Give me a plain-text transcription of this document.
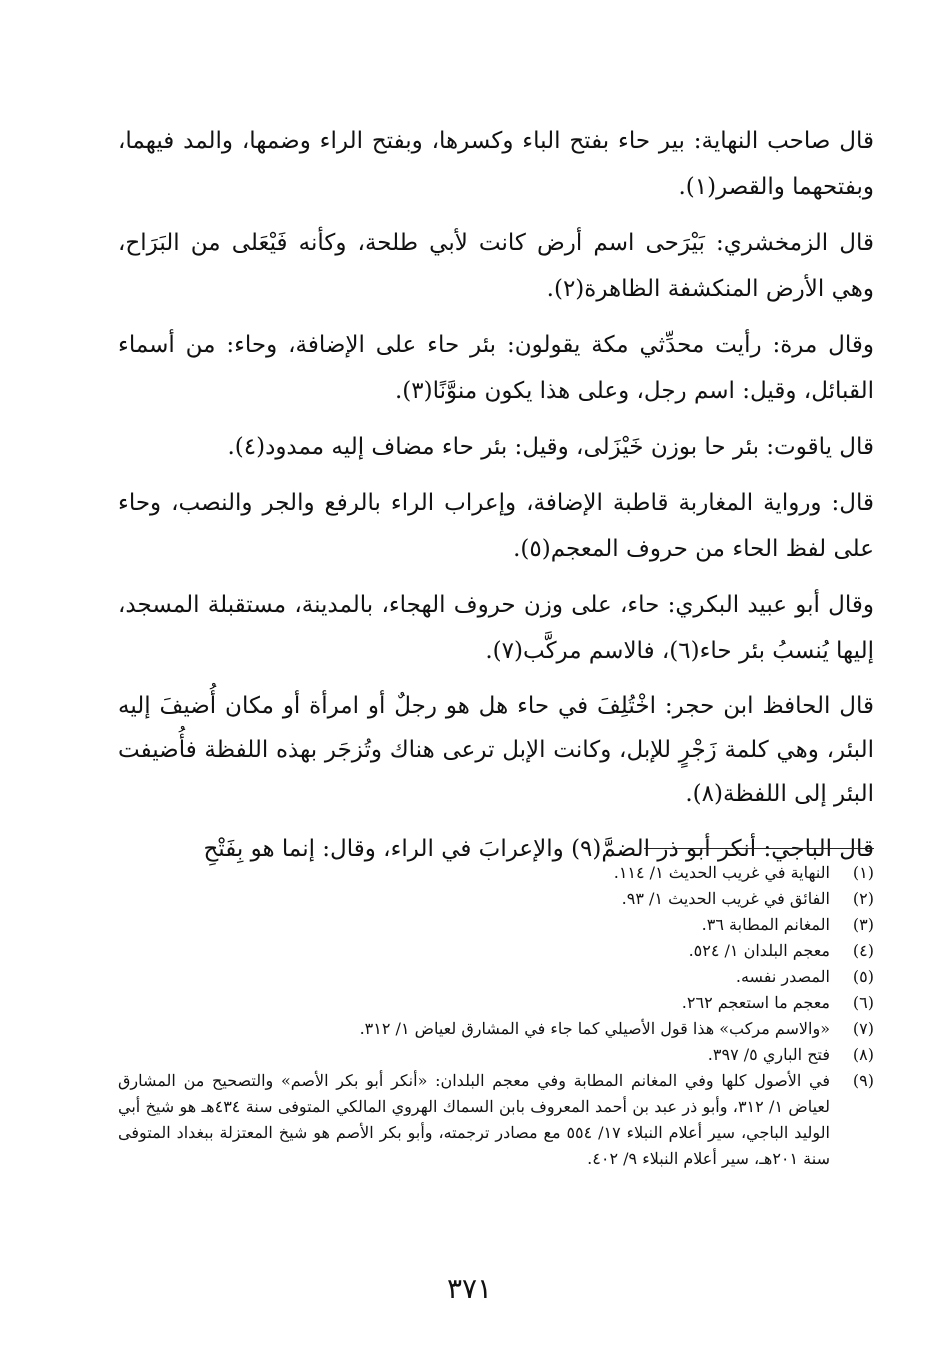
قال صاحب النهاية: بير حاء بفتح الباء وكسرها، وبفتح الراء وضمها، والمد فيهما، وبفتحهما والقصر(١).

قال الزمخشري: بَيْرَحى اسم أرض كانت لأبي طلحة، وكأنه فَيْعَلى من البَرَاح، وهي الأرض المنكشفة الظاهرة(٢).

وقال مرة: رأيت محدِّثي مكة يقولون: بئر حاء على الإضافة، وحاء: من أسماء القبائل، وقيل: اسم رجل، وعلى هذا يكون منوَّنًا(٣).

قال ياقوت: بئر حا بوزن خَيْزَلى، وقيل: بئر حاء مضاف إليه ممدود(٤).

قال: ورواية المغاربة قاطبة الإضافة، وإعراب الراء بالرفع والجر والنصب، وحاء على لفظ الحاء من حروف المعجم(٥).

وقال أبو عبيد البكري: حاء، على وزن حروف الهجاء، بالمدينة، مستقبلة المسجد، إليها يُنسبُ بئر حاء(٦)، فالاسم مركَّب(٧).

قال الحافظ ابن حجر: اخْتُلِفَ في حاء هل هو رجلٌ أو امرأة أو مكان أُضيفَ إليه البئر، وهي كلمة زَجْرٍ للإبل، وكانت الإبل ترعى هناك وتُزجَر بهذه اللفظة فأُضيفت البئر إلى اللفظة(٨).

قال الباجي: أنكر أبو ذر الضمَّ(٩) والإعرابَ في الراء، وقال: إنما هو بِفَتْحِ

(١)
النهاية في غريب الحديث ١/ ١١٤.
(٢)
الفائق في غريب الحديث ١/ ٩٣.
(٣)
المغانم المطابة ٣٦.
(٤)
معجم البلدان ١/ ٥٢٤.
(٥)
المصدر نفسه.
(٦)
معجم ما استعجم ٢٦٢.
(٧)
«والاسم مركب» هذا قول الأصيلي كما جاء في المشارق لعياض ١/ ٣١٢.
(٨)
فتح الباري ٥/ ٣٩٧.
(٩)
في الأصول كلها وفي المغانم المطابة وفي معجم البلدان: «أنكر أبو بكر الأصم» والتصحيح من المشارق لعياض ١/ ٣١٢، وأبو ذر عبد بن أحمد المعروف بابن السماك الهروي المالكي المتوفى سنة ٤٣٤هـ هو شيخ أبي الوليد الباجي، سير أعلام النبلاء ١٧/ ٥٥٤ مع مصادر ترجمته، وأبو بكر الأصم هو شيخ المعتزلة ببغداد المتوفى سنة ٢٠١هـ، سير أعلام النبلاء ٩/ ٤٠٢.
٣٧١
